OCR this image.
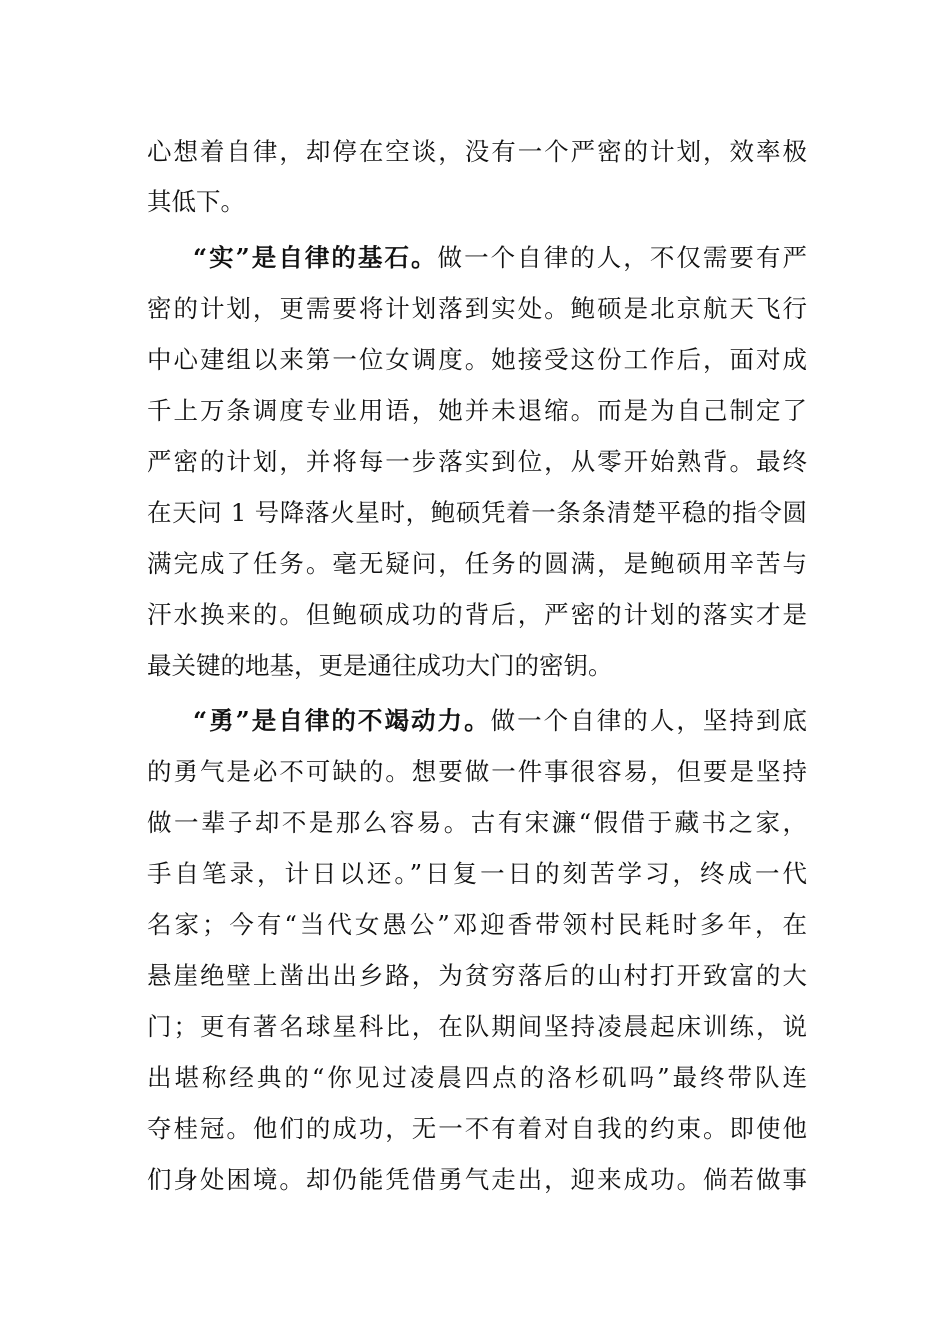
心想着自律，却停在空谈，没有一个严密的计划，效率极
其低下。
“实”是自律的基石。做一个自律的人，不仅需要有严
密的计划，更需要将计划落到实处。鲍硕是北京航天飞行
中心建组以来第一位女调度。她接受这份工作后，面对成
千上万条调度专业用语，她并未退缩。而是为自己制定了
严密的计划，并将每一步落实到位，从零开始熟背。最终
在天问 1 号降落火星时，鲍硕凭着一条条清楚平稳的指令圆
满完成了任务。毫无疑问，任务的圆满，是鲍硕用辛苦与
汗水换来的。但鲍硕成功的背后，严密的计划的落实才是
最关键的地基，更是通往成功大门的密钥。
“勇”是自律的不竭动力。做一个自律的人，坚持到底
的勇气是必不可缺的。想要做一件事很容易，但要是坚持
做一辈子却不是那么容易。古有宋濂“假借于藏书之家，
手自笔录，计日以还。”日复一日的刻苦学习，终成一代
名家；今有“当代女愚公”邓迎香带领村民耗时多年，在
悬崖绝壁上凿出出乡路，为贫穷落后的山村打开致富的大
门；更有著名球星科比，在队期间坚持凌晨起床训练，说
出堪称经典的“你见过凌晨四点的洛杉矶吗”最终带队连
夺桂冠。他们的成功，无一不有着对自我的约束。即使他
们身处困境。却仍能凭借勇气走出，迎来成功。倘若做事
